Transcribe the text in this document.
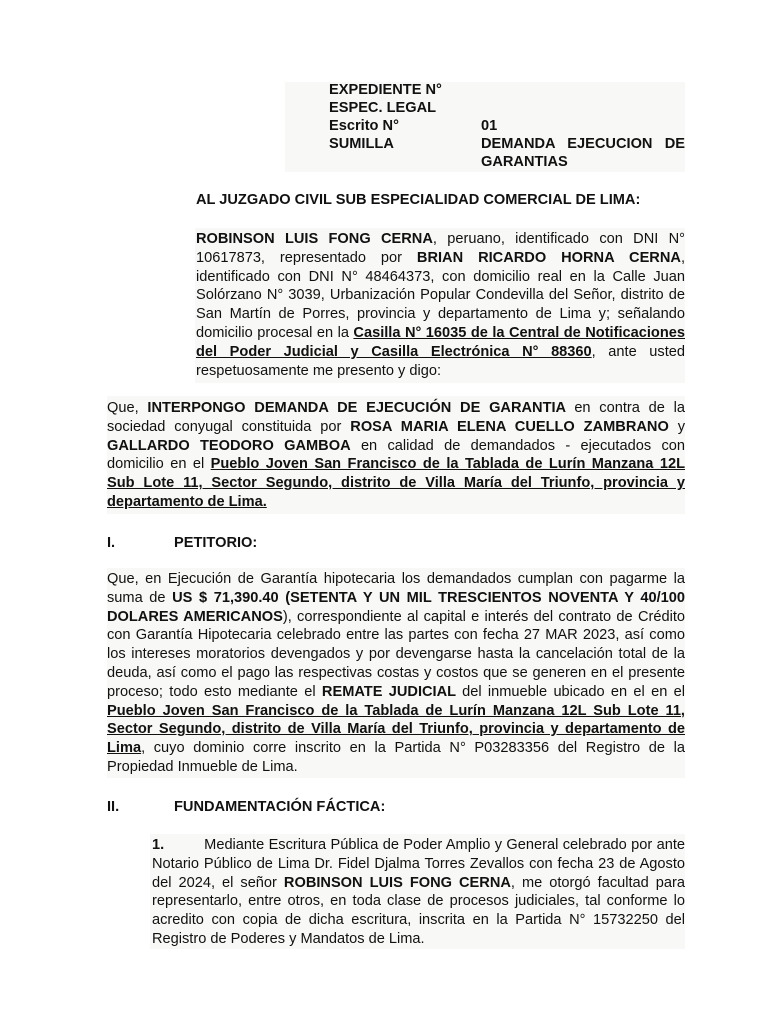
EXPEDIENTE N°
ESPEC. LEGAL
Escrito N°	01
SUMILLA	DEMANDA EJECUCION DE GARANTIAS
AL JUZGADO CIVIL SUB ESPECIALIDAD COMERCIAL DE LIMA:
ROBINSON LUIS FONG CERNA, peruano, identificado con DNI N° 10617873, representado por BRIAN RICARDO HORNA CERNA, identificado con DNI N° 48464373, con domicilio real en la Calle Juan Solórzano N° 3039, Urbanización Popular Condevilla del Señor, distrito de San Martín de Porres, provincia y departamento de Lima y; señalando domicilio procesal en la Casilla N° 16035 de la Central de Notificaciones del Poder Judicial y Casilla Electrónica N° 88360, ante usted respetuosamente me presento y digo:
Que, INTERPONGO DEMANDA DE EJECUCIÓN DE GARANTIA en contra de la sociedad conyugal constituida por ROSA MARIA ELENA CUELLO ZAMBRANO y GALLARDO TEODORO GAMBOA en calidad de demandados - ejecutados con domicilio en el Pueblo Joven San Francisco de la Tablada de Lurín Manzana 12L Sub Lote 11, Sector Segundo, distrito de Villa María del Triunfo, provincia y departamento de Lima.
I.	PETITORIO:
Que, en Ejecución de Garantía hipotecaria los demandados cumplan con pagarme la suma de US $ 71,390.40 (SETENTA Y UN MIL TRESCIENTOS NOVENTA Y 40/100 DOLARES AMERICANOS), correspondiente al capital e interés del contrato de Crédito con Garantía Hipotecaria celebrado entre las partes con fecha 27 MAR 2023, así como los intereses moratorios devengados y por devengarse hasta la cancelación total de la deuda, así como el pago las respectivas costas y costos que se generen en el presente proceso; todo esto mediante el REMATE JUDICIAL del inmueble ubicado en el en el Pueblo Joven San Francisco de la Tablada de Lurín Manzana 12L Sub Lote 11, Sector Segundo, distrito de Villa María del Triunfo, provincia y departamento de Lima, cuyo dominio corre inscrito en la Partida N° P03283356 del Registro de la Propiedad Inmueble de Lima.
II.	FUNDAMENTACIÓN FÁCTICA:
1.	Mediante Escritura Pública de Poder Amplio y General celebrado por ante Notario Público de Lima Dr. Fidel Djalma Torres Zevallos con fecha 23 de Agosto del 2024, el señor ROBINSON LUIS FONG CERNA, me otorgó facultad para representarlo, entre otros, en toda clase de procesos judiciales, tal conforme lo acredito con copia de dicha escritura, inscrita en la Partida N° 15732250 del Registro de Poderes y Mandatos de Lima.
